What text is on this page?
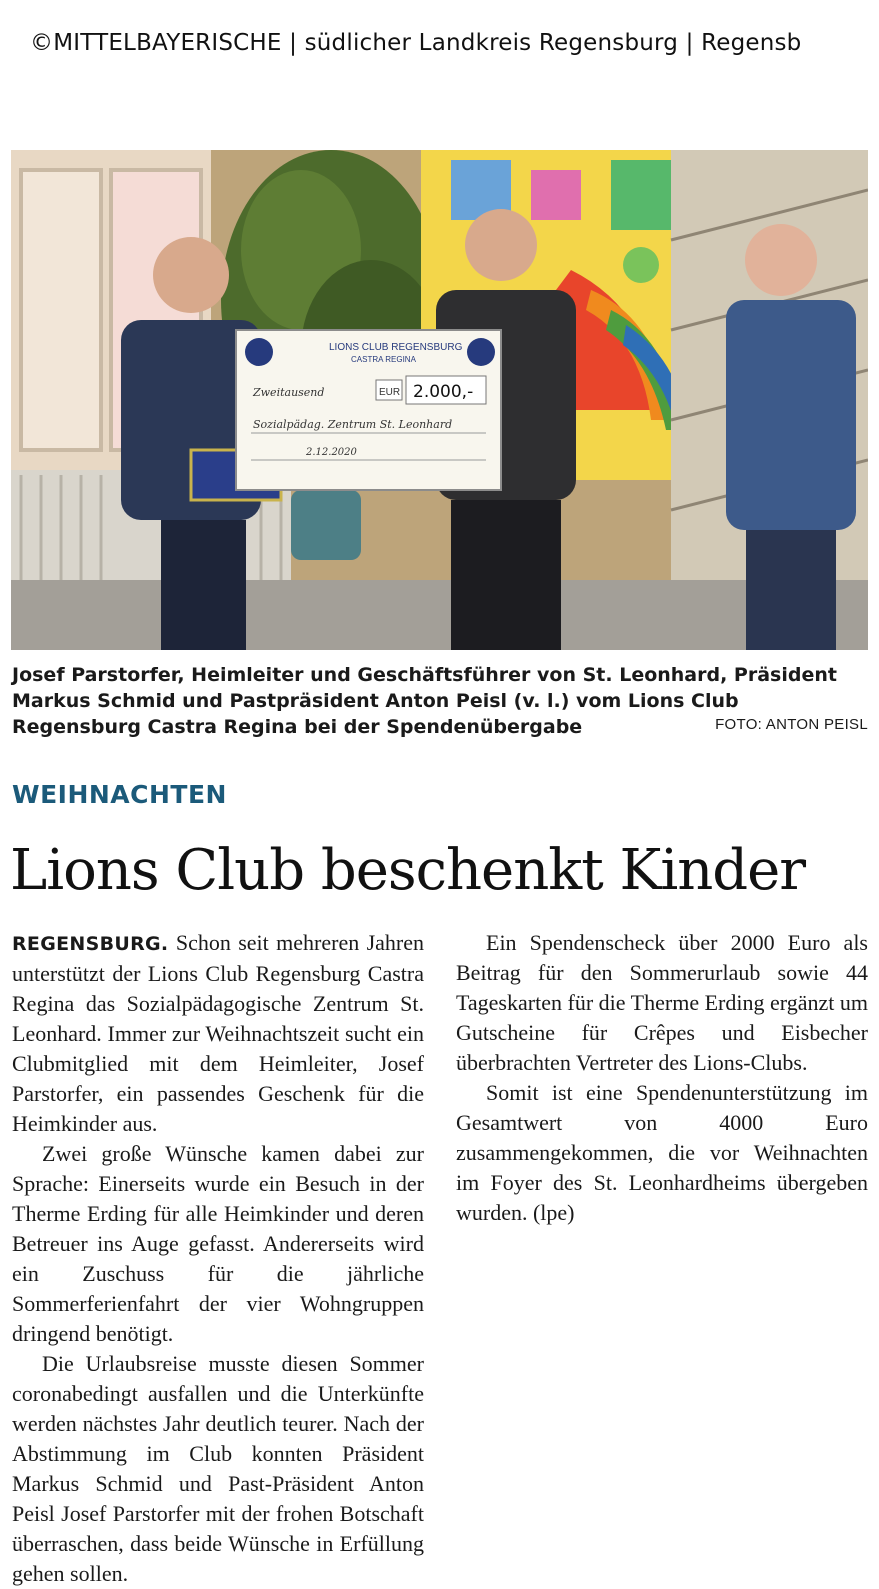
©MITTELBAYERISCHE | südlicher Landkreis Regensburg | Regensb
LIONS CLUB REGENSBURG
CASTRA REGINA
Zweitausend	EUR 2.000,-
Sozialpädag. Zentrum St. Leonhard
2.12.2020
Josef Parstorfer, Heimleiter und Geschäftsführer von St. Leonhard, Präsident Markus Schmid und Pastpräsident Anton Peisl (v. l.) vom Lions Club Regensburg Castra Regina bei der Spendenübergabe	FOTO: ANTON PEISL
WEIHNACHTEN
Lions Club beschenkt Kinder

REGENSBURG. Schon seit mehreren Jahren unterstützt der Lions Club Regensburg Castra Regina das Sozialpädagogische Zentrum St. Leonhard. Immer zur Weihnachtszeit sucht ein Clubmitglied mit dem Heimleiter, Josef Parstorfer, ein passendes Geschenk für die Heimkinder aus.

Zwei große Wünsche kamen dabei zur Sprache: Einerseits wurde ein Besuch in der Therme Erding für alle Heimkinder und deren Betreuer ins Auge gefasst. Andererseits wird ein Zuschuss für die jährliche Sommerferienfahrt der vier Wohngruppen dringend benötigt.

Die Urlaubsreise musste diesen Sommer coronabedingt ausfallen und die Unterkünfte werden nächstes Jahr deutlich teurer. Nach der Abstimmung im Club konnten Präsident Markus Schmid und Past-Präsident Anton Peisl Josef Parstorfer mit der frohen Botschaft überraschen, dass beide Wünsche in Erfüllung gehen sollen.

Ein Spendenscheck über 2000 Euro als Beitrag für den Sommerurlaub sowie 44 Tageskarten für die Therme Erding ergänzt um Gutscheine für Crêpes und Eisbecher überbrachten Vertreter des Lions-Clubs.

Somit ist eine Spendenunterstützung im Gesamtwert von 4000 Euro zusammengekommen, die vor Weihnachten im Foyer des St. Leonhardheims übergeben wurden. (lpe)
